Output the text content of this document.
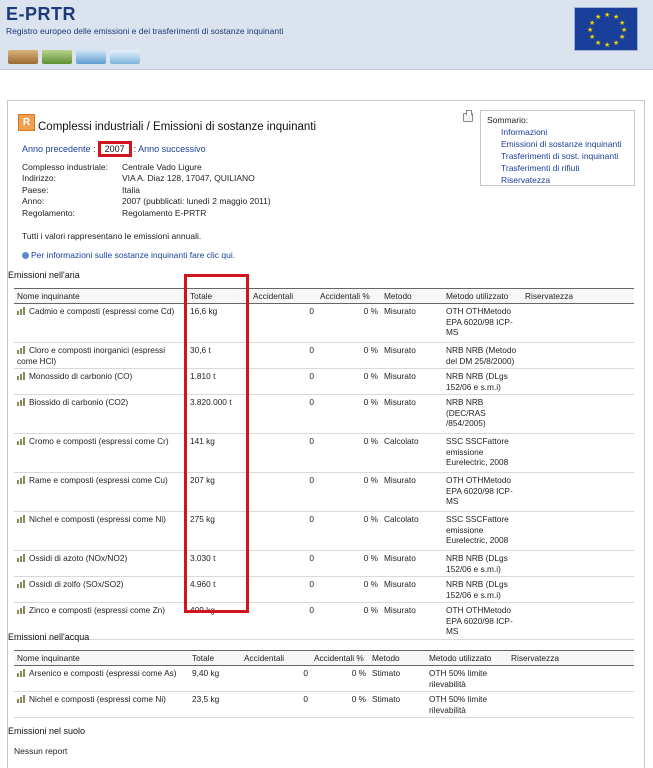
E-PRTR
Registro europeo delle emissioni e dei trasferimenti di sostanze inquinanti
★ ★
★
★
★
★
★
★
★
★
★
★
R Complessi industriali / Emissioni di sostanze inquinanti
Sommario:
Informazioni
Emissioni di sostanze inquinanti
Trasferimenti di sost. inquinanti
Trasferimenti di rifiuti
Riservatezza
Anno precedente : 2007 : Anno successivo
Complesso industriale:	Centrale Vado Ligure
Indirizzo:	VIA A. Diaz 128, 17047, QUILIANO
Paese:	Italia
Anno:	2007 (pubblicati: lunedì 2 maggio 2011)
Regolamento:	Regolamento E-PRTR
Tutti i valori rappresentano le emissioni annuali.
Per informazioni sulle sostanze inquinanti fare clic qui.
Emissioni nell'aria
Nome inquinante	Totale	Accidentali	Accidentali %	Metodo	Metodo utilizzato	Riservatezza
Cadmio e composti (espressi come Cd)	16,6 kg	0	0 %	Misurato	OTH OTHMetodo EPA 6020/98 ICP-MS	
Cloro e composti inorganici (espressi come HCl)	30,6 t	0	0 %	Misurato	NRB NRB (Metodo del DM 25/8/2000)	
Monossido di carbonio (CO)	1.810 t	0	0 %	Misurato	NRB NRB (DLgs 152/06 e s.m.i)	
Biossido di carbonio (CO2)	3.820.000 t	0	0 %	Misurato	NRB NRB (DEC/RAS /854/2005)	
Cromo e composti (espressi come Cr)	141 kg	0	0 %	Calcolato	SSC SSCFattore emissione Eurelectric, 2008	
Rame e composti (espressi come Cu)	207 kg	0	0 %	Misurato	OTH OTHMetodo EPA 6020/98 ICP-MS	
Nichel e composti (espressi come Ni)	275 kg	0	0 %	Calcolato	SSC SSCFattore emissione Eurelectric, 2008	
Ossidi di azoto (NOx/NO2)	3.030 t	0	0 %	Misurato	NRB NRB (DLgs 152/06 e s.m.i)	
Ossidi di zolfo (SOx/SO2)	4.960 t	0	0 %	Misurato	NRB NRB (DLgs 152/06 e s.m.i)	
Zinco e composti (espressi come Zn)	409 kg	0	0 %	Misurato	OTH OTHMetodo EPA 6020/98 ICP-MS	
Emissioni nell'acqua
Nome inquinante	Totale	Accidentali	Accidentali %	Metodo	Metodo utilizzato	Riservatezza
Arsenico e composti (espressi come As)	9,40 kg	0	0 %	Stimato	OTH 50% limite rilevabilità	
Nichel e composti (espressi come Ni)	23,5 kg	0	0 %	Stimato	OTH 50% limite rilevabilità	
Emissioni nel suolo
Nessun report
